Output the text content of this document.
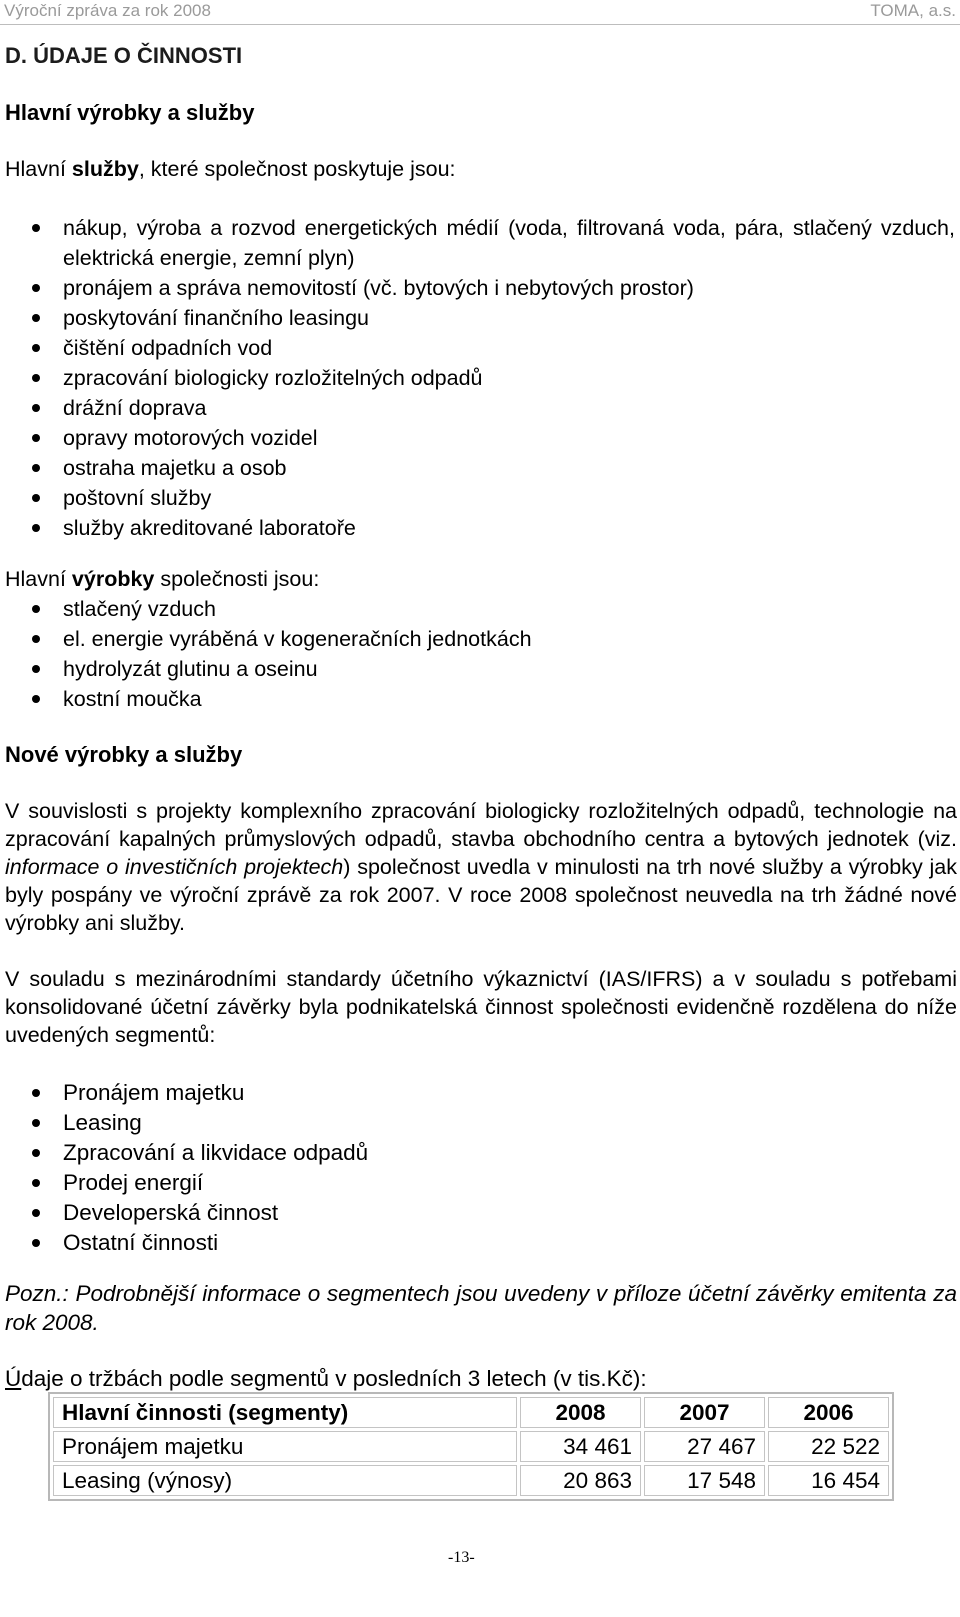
Výroční zpráva za rok 2008	TOMA, a.s.
D. ÚDAJE O ČINNOSTI
Hlavní výrobky a služby
Hlavní služby, které společnost poskytuje jsou:
nákup, výroba a rozvod energetických médií (voda, filtrovaná voda, pára, stlačený vzduch, elektrická energie, zemní plyn)
pronájem a správa nemovitostí (vč. bytových i nebytových prostor)
poskytování finančního leasingu
čištění odpadních vod
zpracování biologicky rozložitelných odpadů
drážní doprava
opravy motorových vozidel
ostraha majetku a osob
poštovní služby
služby akreditované laboratoře
Hlavní výrobky společnosti jsou:
stlačený vzduch
el. energie vyráběná v kogeneračních jednotkách
hydrolyzát glutinu a oseinu
kostní moučka
Nové výrobky a služby
V souvislosti s projekty komplexního zpracování biologicky rozložitelných odpadů, technologie na zpracování kapalných průmyslových odpadů, stavba obchodního centra a bytových jednotek (viz. informace o investičních projektech) společnost uvedla v minulosti na trh nové služby a výrobky jak byly pospány ve výroční zprávě za rok 2007. V roce 2008 společnost neuvedla na trh žádné nové výrobky ani služby.
V souladu s mezinárodními standardy účetního výkaznictví (IAS/IFRS) a v souladu s potřebami konsolidované účetní závěrky byla podnikatelská činnost společnosti evidenčně rozdělena do níže uvedených segmentů:
Pronájem majetku
Leasing
Zpracování a likvidace odpadů
Prodej energií
Developerská činnost
Ostatní činnosti
Pozn.: Podrobnější informace o segmentech jsou uvedeny v příloze účetní závěrky emitenta za rok 2008.
Údaje o tržbách podle segmentů v posledních 3 letech (v tis.Kč):
Hlavní činnosti (segmenty)	2008	2007	2006
Pronájem majetku	34 461	27 467	22 522
Leasing (výnosy)	20 863	17 548	16 454
-13-
